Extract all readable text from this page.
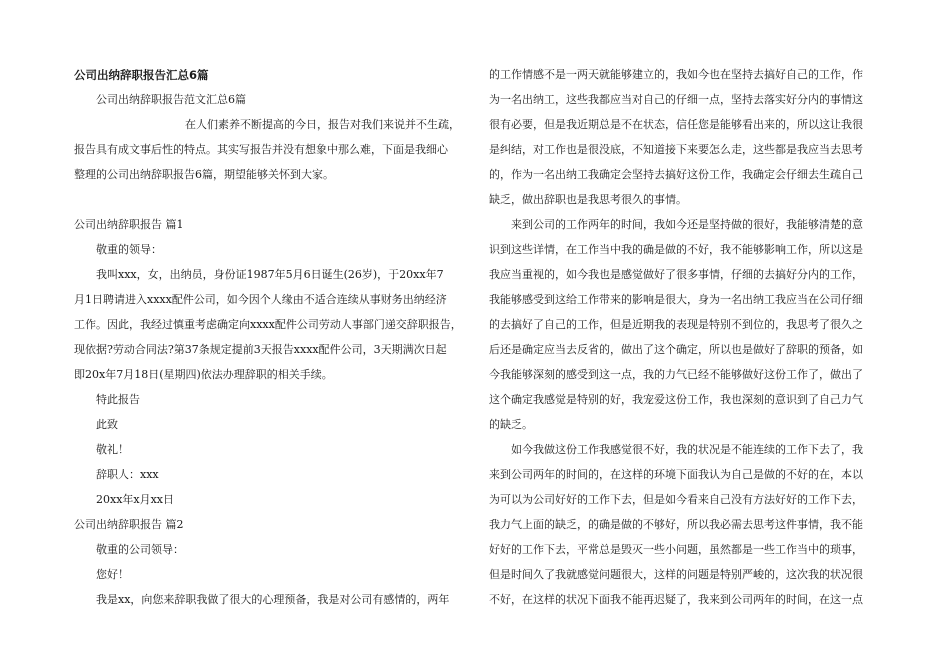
公司出纳辞职报告汇总6篇
公司出纳辞职报告范文汇总6篇
在人们素养不断提高的今日，报告对我们来说并不生疏，
报告具有成文事后性的特点。其实写报告并没有想象中那么难，下面是我细心
整理的公司出纳辞职报告6篇，期望能够关怀到大家。
公司出纳辞职报告 篇1
敬重的领导：
我叫xxx，女，出纳员，身份证1987年5月6日诞生(26岁)，于20xx年7
月1日聘请进入xxxx配件公司，如今因个人缘由不适合连续从事财务出纳经济
工作。因此，我经过慎重考虑确定向xxxx配件公司劳动人事部门递交辞职报告，
现依据?劳动合同法?第37条规定提前3天报告xxxx配件公司，3天期满次日起
即20x年7月18日(星期四)依法办理辞职的相关手续。
特此报告
此致
敬礼！
辞职人：xxx
20xx年x月xx日
公司出纳辞职报告 篇2
敬重的公司领导：
您好！
我是xx，向您来辞职我做了很大的心理预备，我是对公司有感情的，两年
的工作情感不是一两天就能够建立的，我如今也在坚持去搞好自己的工作，作
为一名出纳工，这些我都应当对自己的仔细一点，坚持去落实好分内的事情这
很有必要，但是我近期总是不在状态，信任您是能够看出来的，所以这让我很
是纠结，对工作也是很没底，不知道接下来要怎么走，这些都是我应当去思考
的，作为一名出纳工我确定会坚持去搞好这份工作，我确定会仔细去生疏自己
缺乏，做出辞职也是我思考很久的事情。
来到公司的工作两年的时间，我如今还是坚持做的很好，我能够清楚的意
识到这些详情，在工作当中我的确是做的不好，我不能够影响工作，所以这是
我应当重视的，如今我也是感觉做好了很多事情，仔细的去搞好分内的工作，
我能够感受到这给工作带来的影响是很大，身为一名出纳工我应当在公司仔细
的去搞好了自己的工作，但是近期我的表现是特别不到位的，我思考了很久之
后还是确定应当去反省的，做出了这个确定，所以也是做好了辞职的预备，如
今我能够深刻的感受到这一点，我的力气已经不能够做好这份工作了，做出了
这个确定我感觉是特别的好，我宠爱这份工作，我也深刻的意识到了自己力气
的缺乏。
如今我做这份工作我感觉很不好，我的状况是不能连续的工作下去了，我
来到公司两年的时间的，在这样的环境下面我认为自己是做的不好的在，本以
为可以为公司好好的工作下去，但是如今看来自己没有方法好好的工作下去，
我力气上面的缺乏，的确是做的不够好，所以我必需去思考这件事情，我不能
好好的工作下去，平常总是毁灭一些小问题，虽然都是一些工作当中的琐事，
但是时间久了我就感觉问题很大，这样的问题是特别严峻的，这次我的状况很
不好，在这样的状况下面我不能再迟疑了，我来到公司两年的时间，在这一点
